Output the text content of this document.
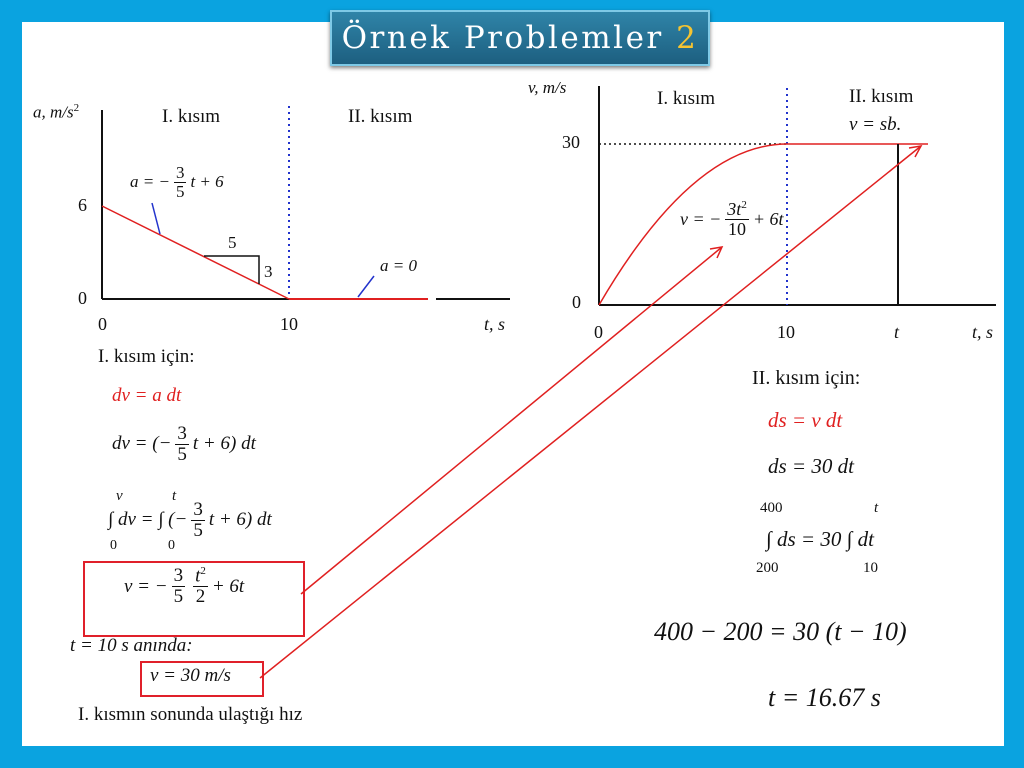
Örnek Problemler 2
a, $m/s^2$	I. kısım	II. kısım
a = − $\frac{3}{5}$ t + 6
6
0
0	10	t, s
5
3	a = 0
v, m/s
I. kısım	II. kısım
v = sb.
30
0
0	10	t	t, s
v = − $\frac{3t^2}{10} + 6t$
I. kısım için:
dv = a dt
dv = (− $\frac{3}{5}$ t + 6) dt
v
0
t
0
∫ dv = ∫ (− $\frac{3}{5}$ t + 6) dt
v = − $\frac{3}{5} \frac{t^2}{2} + 6t$
t = 10 s anında:
v = 30 m/s
I. kısmın sonunda ulaştığı hız
II. kısım için:
ds = v dt
ds = 30 dt
400
200
t
10
∫ ds = 30 ∫ dt
400 − 200 = 30 (t − 10)
t = 16.67 s
